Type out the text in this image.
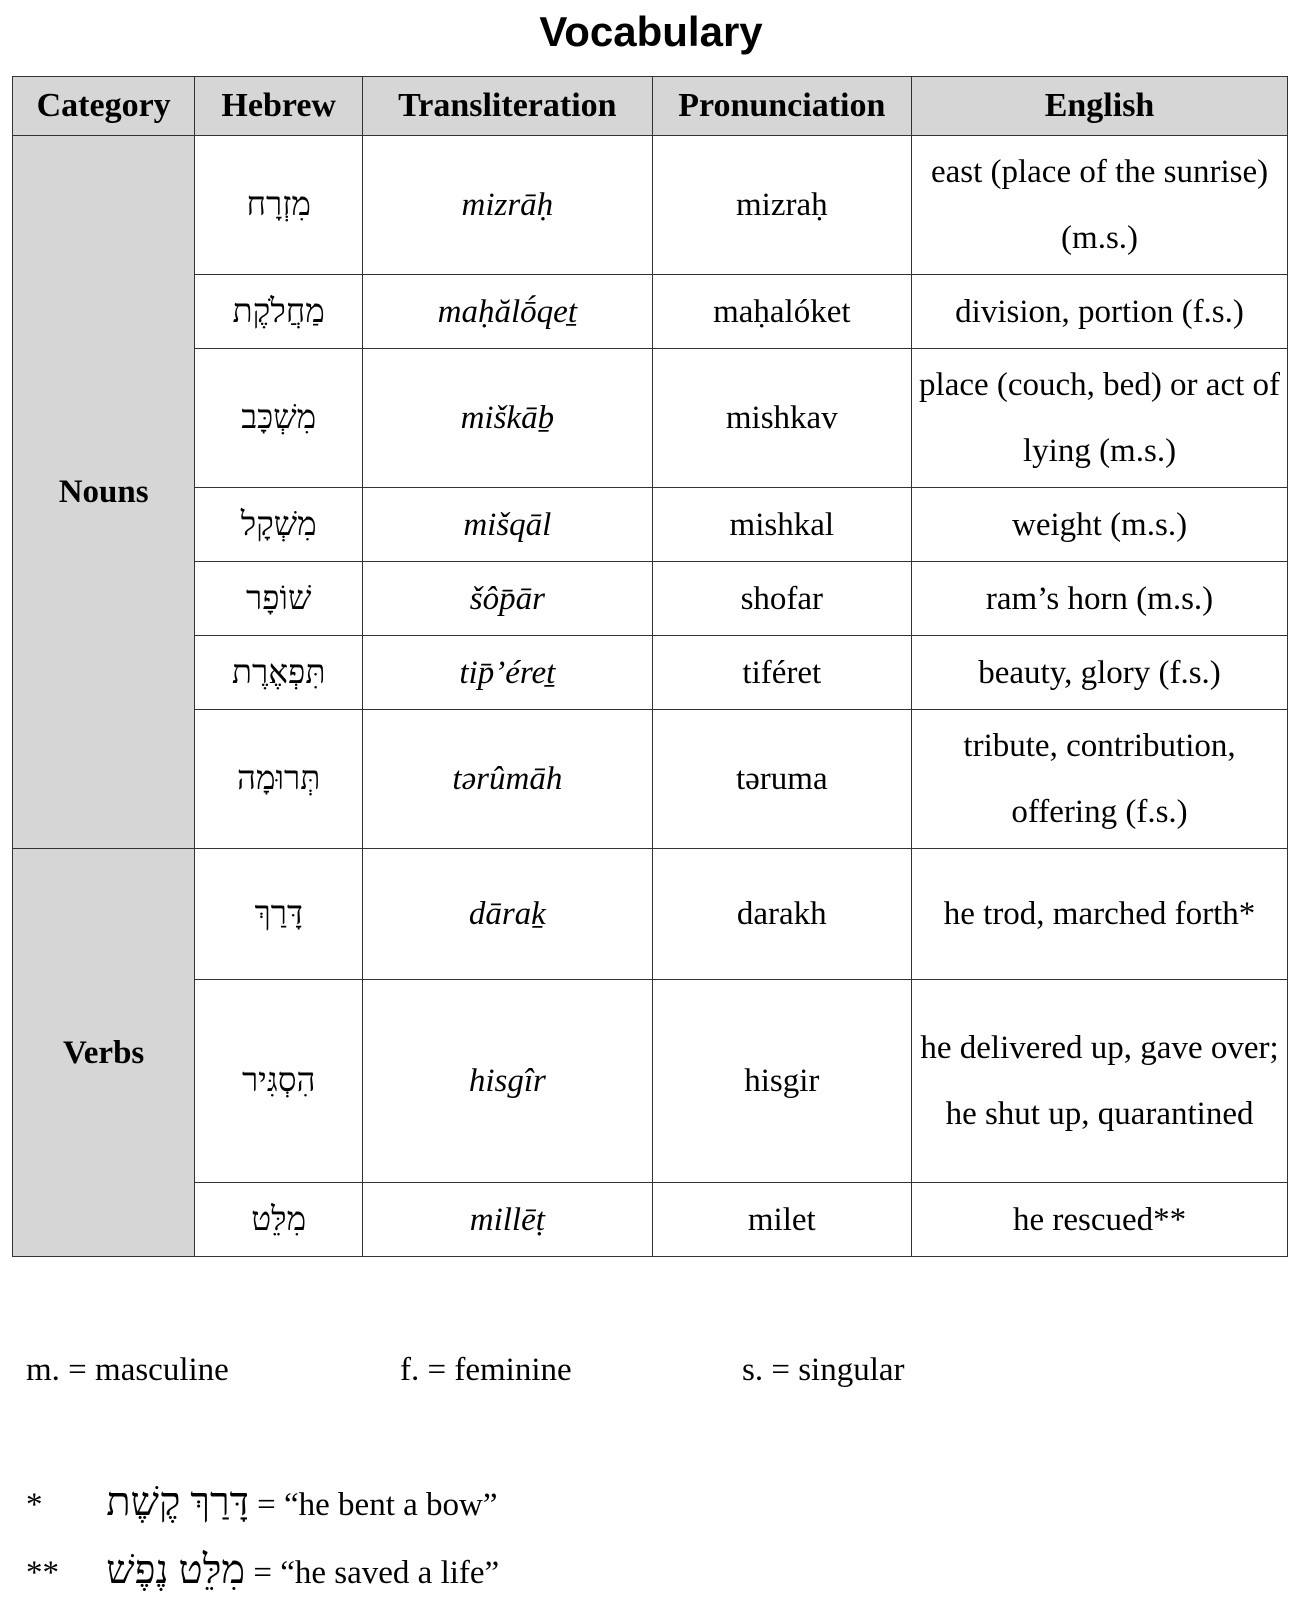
Vocabulary
Category	Hebrew	Transliteration	Pronunciation	English
Nouns	מִזְרָח	mizrāḥ	mizraḥ	east (place of the sunrise) (m.s.)
	מַחֲלֹקֶת	maḥălṓqeṯ	maḥalóket	division, portion (f.s.)
	מִשְׁכָּב	miškāḇ	mishkav	place (couch, bed) or act of lying (m.s.)
	מִשְׁקָל	mišqāl	mishkal	weight (m.s.)
	שׁוֹפָר	šôp̄ār	shofar	ram’s horn (m.s.)
	תִּפְאֶרֶת	tip̄’éreṯ	tiféret	beauty, glory (f.s.)
	תְּרוּמָה	tərûmāh	təruma	tribute, contribution, offering (f.s.)
Verbs	דָּרַךְ	dāraḵ	darakh	he trod, marched forth*
	הִסְגִּיר	hisgîr	hisgir	he delivered up, gave over; he shut up, quarantined
	מִלֵּט	millēṭ	milet	he rescued**
m. = masculine	f. = feminine	s. = singular
* דָּרַךְ קֶשֶׁת = “he bent a bow”
** מִלֵּט נֶפֶשׁ = “he saved a life”
